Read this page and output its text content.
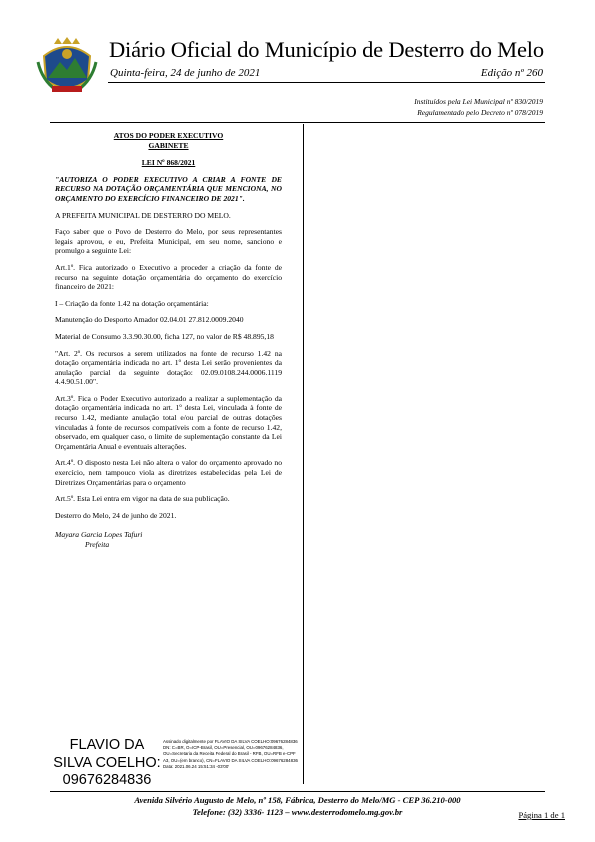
Diário Oficial do Município de Desterro do Melo
Quinta-feira, 24 de junho de 2021	Edição nº 260
Instituídos pela Lei Municipal nº 830/2019
Regulamentado pelo Decreto nº 078/2019
ATOS DO PODER EXECUTIVO
GABINETE
LEI Nº 868/2021

"AUTORIZA O PODER EXECUTIVO A CRIAR A FONTE DE RECURSO NA DOTAÇÃO ORÇAMENTÁRIA QUE MENCIONA, NO ORÇAMENTO DO EXERCÍCIO FINANCEIRO DE 2021".

A PREFEITA MUNICIPAL DE DESTERRO DO MELO.

Faço saber que o Povo de Desterro do Melo, por seus representantes legais aprovou, e eu, Prefeita Municipal, em seu nome, sanciono e promulgo a seguinte Lei:

Art.1º. Fica autorizado o Executivo a proceder a criação da fonte de recurso na seguinte dotação orçamentária do orçamento do exercício financeiro de 2021:

I – Criação da fonte 1.42 na dotação orçamentária:

Manutenção do Desporto Amador 02.04.01 27.812.0009.2040

Material de Consumo 3.3.90.30.00, ficha 127, no valor de R$ 48.895,18

"Art. 2º. Os recursos a serem utilizados na fonte de recurso 1.42 na dotação orçamentária indicada no art. 1º desta Lei serão provenientes da anulação parcial da seguinte dotação: 02.09.0108.244.0006.1119 4.4.90.51.00".

Art.3º. Fica o Poder Executivo autorizado a realizar a suplementação da dotação orçamentária indicada no art. 1º desta Lei, vinculada à fonte de recurso 1.42, mediante anulação total e/ou parcial de outras dotações vinculadas à fonte de recursos compatíveis com a fonte de recurso 1.42, observado, em qualquer caso, o limite de suplementação constante da Lei Orçamentária Anual e eventuais alterações.

Art.4º. O disposto nesta Lei não altera o valor do orçamento aprovado no exercício, nem tampouco viola as diretrizes estabelecidas pela Lei de Diretrizes Orçamentárias para o orçamento

Art.5º. Esta Lei entra em vigor na data de sua publicação.

Desterro do Melo, 24 de junho de 2021.

Mayara Garcia Lopes Tafuri

Prefeita
FLAVIO DA
SILVA COELHO:
09676284836
Assinado digitalmente por FLAVIO DA SILVA COELHO:09676284836 DN: C=BR, O=ICP-Brasil, OU=Presencial, OU=09676284836, OU=Secretaria da Receita Federal do Brasil - RFB, OU=RFB e-CPF A3, OU=(em branco), CN=FLAVIO DA SILVA COELHO:09676284836 Data: 2021.06.24 15:51:34 -03'00'
Avenida Silvério Augusto de Melo, nº 158, Fábrica, Desterro do Melo/MG - CEP 36.210-000
Telefone: (32) 3336- 1123 – www.desterrodomelo.mg.gov.br	Página 1 de 1
